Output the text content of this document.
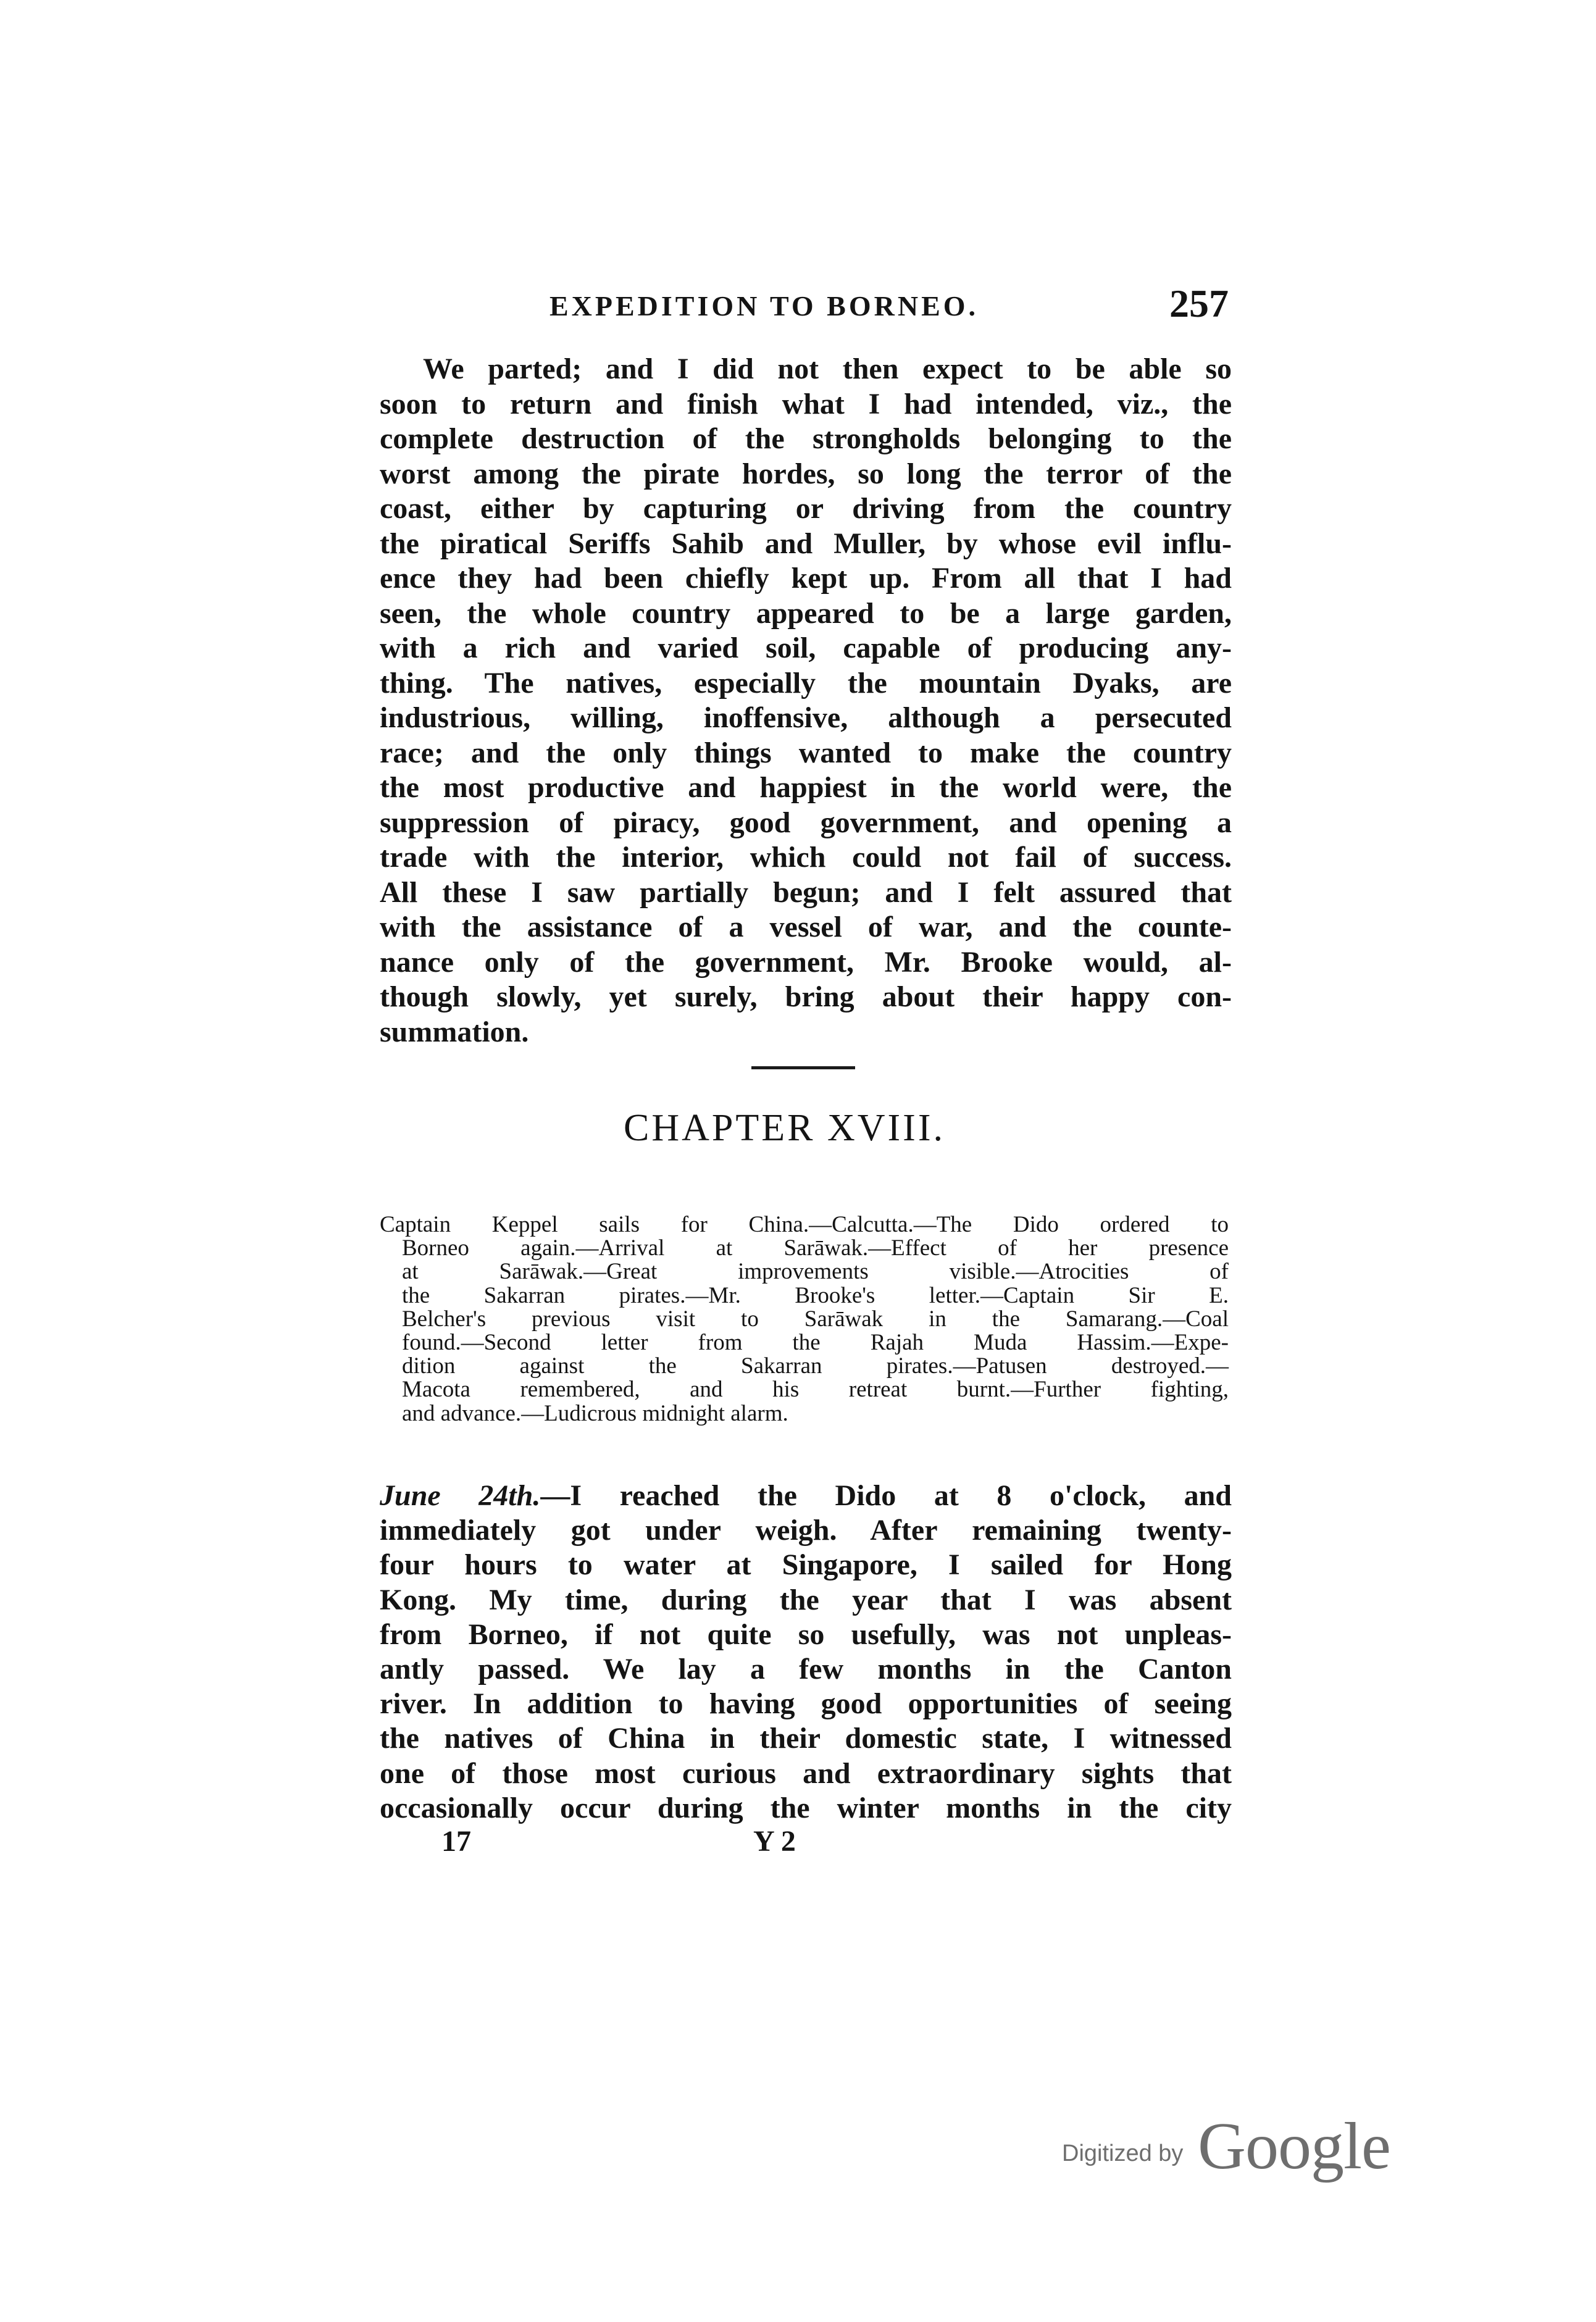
EXPEDITION TO BORNEO.	257
We parted; and I did not then expect to be able so
soon to return and finish what I had intended, viz., the
complete destruction of the strongholds belonging to the
worst among the pirate hordes, so long the terror of the
coast, either by capturing or driving from the country
the piratical Seriffs Sahib and Muller, by whose evil influ-
ence they had been chiefly kept up. From all that I had
seen, the whole country appeared to be a large garden,
with a rich and varied soil, capable of producing any-
thing. The natives, especially the mountain Dyaks, are
industrious, willing, inoffensive, although a persecuted
race; and the only things wanted to make the country
the most productive and happiest in the world were, the
suppression of piracy, good government, and opening a
trade with the interior, which could not fail of success.
All these I saw partially begun; and I felt assured that
with the assistance of a vessel of war, and the counte-
nance only of the government, Mr. Brooke would, al-
though slowly, yet surely, bring about their happy con-
summation.
CHAPTER XVIII.
Captain Keppel sails for China.—Calcutta.—The Dido ordered to
Borneo again.—Arrival at Sarāwak.—Effect of her presence
at Sarāwak.—Great improvements visible.—Atrocities of
the Sakarran pirates.—Mr. Brooke's letter.—Captain Sir E.
Belcher's previous visit to Sarāwak in the Samarang.—Coal
found.—Second letter from the Rajah Muda Hassim.—Expe-
dition against the Sakarran pirates.—Patusen destroyed.—
Macota remembered, and his retreat burnt.—Further fighting,
and advance.—Ludicrous midnight alarm.
June 24th.—I reached the Dido at 8 o'clock, and
immediately got under weigh. After remaining twenty-
four hours to water at Singapore, I sailed for Hong
Kong. My time, during the year that I was absent
from Borneo, if not quite so usefully, was not unpleas-
antly passed. We lay a few months in the Canton
river. In addition to having good opportunities of seeing
the natives of China in their domestic state, I witnessed
one of those most curious and extraordinary sights that
occasionally occur during the winter months in the city
17	Y 2
Digitized by Google
